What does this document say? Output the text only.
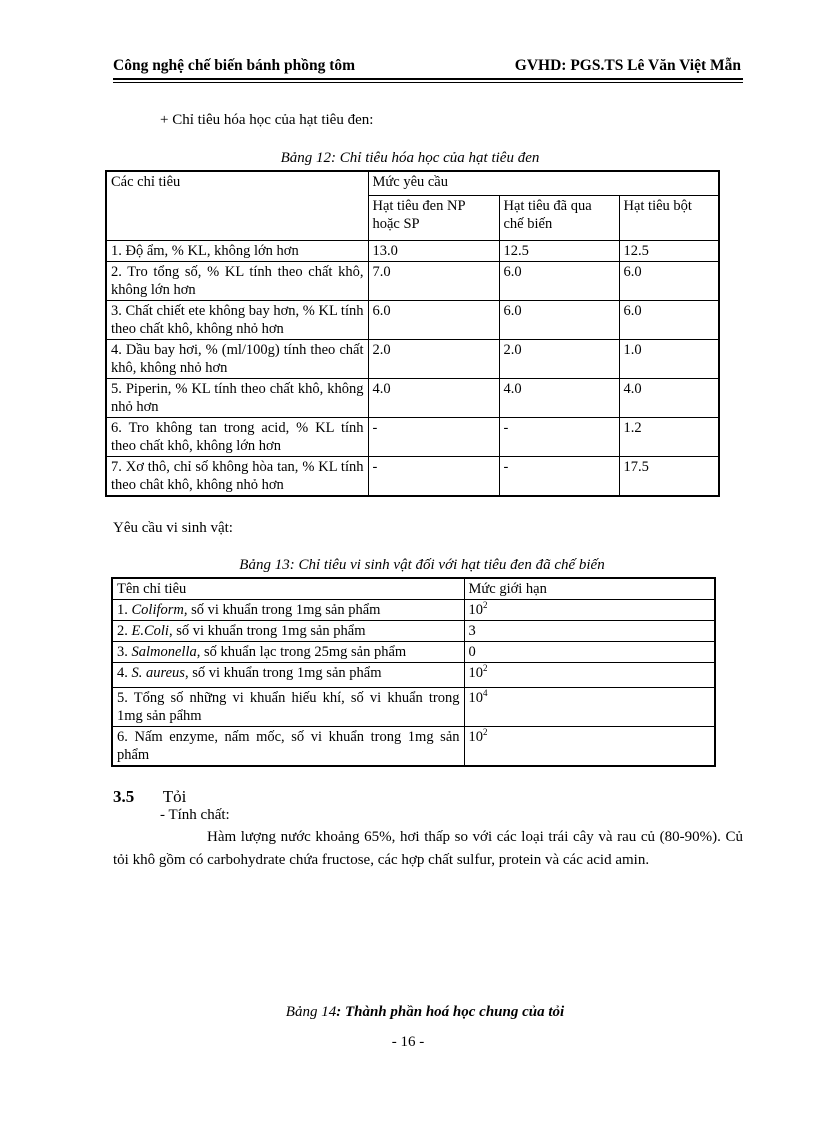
Công nghệ chế biến bánh phồng tôm	GVHD: PGS.TS Lê Văn Việt Mẫn
+ Chỉ tiêu hóa học của hạt tiêu đen:
Bảng 12: Chỉ tiêu hóa học của hạt tiêu đen
Các chỉ tiêu	Mức yêu cầu		
	Hạt tiêu đen NP hoặc SP	Hạt tiêu đã qua chế biến	Hạt tiêu bột
1. Độ ẩm, % KL, không lớn hơn	13.0	12.5	12.5
2. Tro tổng số, % KL tính theo chất khô, không lớn hơn	7.0	6.0	6.0
3. Chất chiết ete không bay hơn, % KL tính theo chất khô, không nhỏ hơn	6.0	6.0	6.0
4. Dầu bay hơi, % (ml/100g) tính theo chất khô, không nhỏ hơn	2.0	2.0	1.0
5. Piperin, % KL tính theo chất khô, không nhỏ hơn	4.0	4.0	4.0
6. Tro không tan trong acid, % KL tính theo chất khô, không lớn hơn	-	-	1.2
7. Xơ thô, chỉ số không hòa tan, % KL tính theo chât khô, không nhỏ hơn	-	-	17.5
Yêu cầu vi sinh vật:
Bảng 13: Chỉ tiêu vi sinh vật đối với hạt tiêu đen đã chế biến
Tên chỉ tiêu	Mức giới hạn
1. Coliform, số vi khuẩn trong 1mg sản phẩm	$10^2$
2. E.Coli, số vi khuẩn trong 1mg sản phẩm	3
3. Salmonella, số khuẩn lạc trong 25mg sản phẩm	0
4. S. aureus, số vi khuẩn trong 1mg sản phẩm	$10^2$
5. Tổng số những vi khuẩn hiếu khí, số vi khuẩn trong 1mg sản pẩhm	$10^4$
6. Nấm enzyme, nấm mốc, số vi khuẩn trong 1mg sản phẩm	$10^2$
3.5 Tỏi
- Tính chất:
Hàm lượng nước khoảng 65%, hơi thấp so với các loại trái cây và rau củ (80-90%). Củ tỏi khô gồm có carbohydrate chứa fructose, các hợp chất sulfur, protein và các acid amin.
Bảng 14: Thành phần hoá học chung của tỏi
- 16 -
